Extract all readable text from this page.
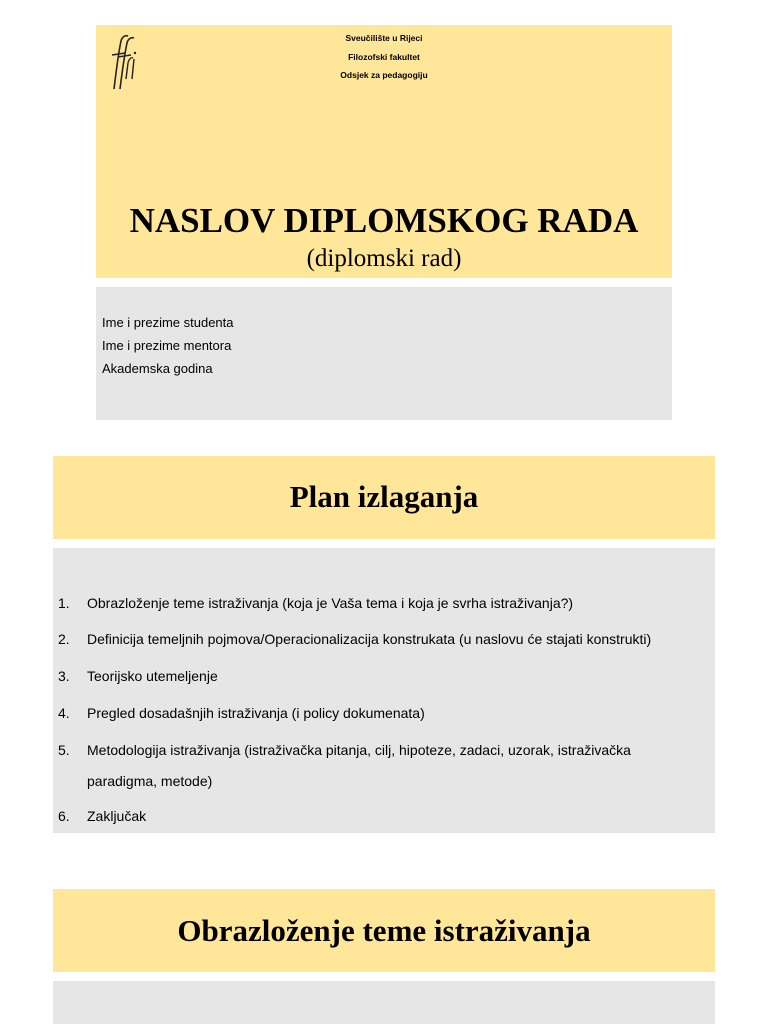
Sveučilište u Rijeci
Filozofski fakultet
Odsjek za pedagogiju
NASLOV DIPLOMSKOG RADA
(diplomski rad)
Ime i prezime studenta
Ime i prezime mentora
Akademska godina
Plan izlaganja
1.	Obrazloženje teme istraživanja (koja je Vaša tema i koja je svrha istraživanja?)
2.	Definicija temeljnih pojmova/Operacionalizacija konstrukata (u naslovu će stajati konstrukti)
3.	Teorijsko utemeljenje
4.	Pregled dosadašnjih istraživanja (i policy dokumenata)
5.	Metodologija istraživanja (istraživačka pitanja, cilj, hipoteze, zadaci, uzorak, istraživačka
paradigma, metode)
6.	Zaključak
Obrazloženje teme istraživanja
